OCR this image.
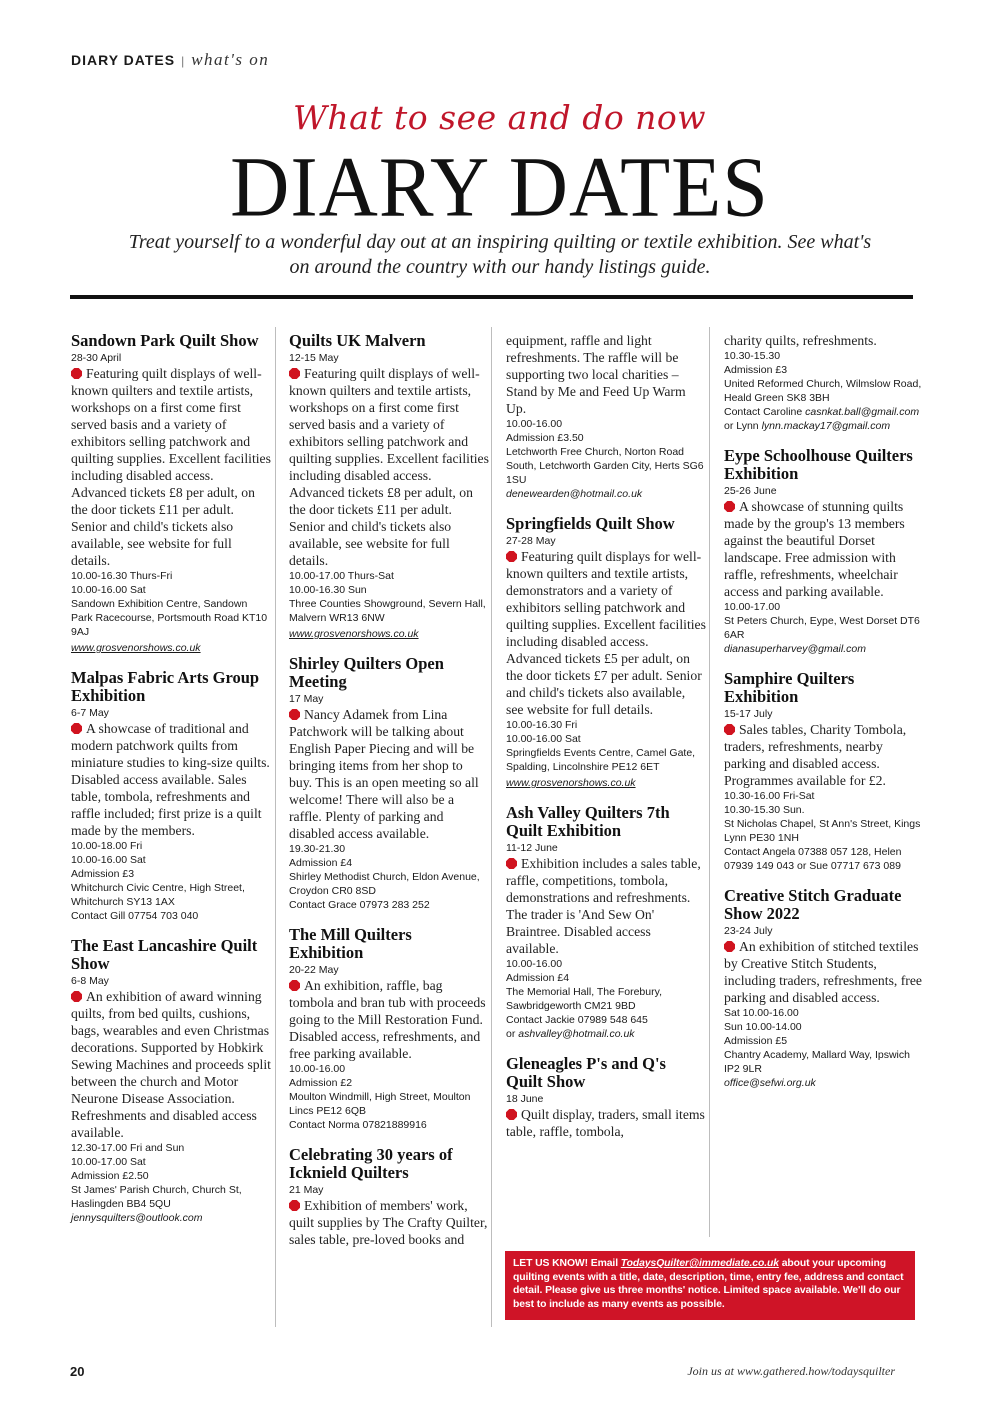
DIARY DATES | what's on
What to see and do now
DIARY DATES
Treat yourself to a wonderful day out at an inspiring quilting or textile exhibition. See what's on around the country with our handy listings guide.
Sandown Park Quilt Show
28-30 April
Featuring quilt displays of well-known quilters and textile artists, workshops on a first come first served basis and a variety of exhibitors selling patchwork and quilting supplies. Excellent facilities including disabled access. Advanced tickets £8 per adult, on the door tickets £11 per adult. Senior and child's tickets also available, see website for full details.
10.00-16.30 Thurs-Fri
10.00-16.00 Sat
Sandown Exhibition Centre, Sandown Park Racecourse, Portsmouth Road KT10 9AJ
www.grosvenorshows.co.uk
Malpas Fabric Arts Group Exhibition
6-7 May
A showcase of traditional and modern patchwork quilts from miniature studies to king-size quilts. Disabled access available. Sales table, tombola, refreshments and raffle included; first prize is a quilt made by the members.
10.00-18.00 Fri
10.00-16.00 Sat
Admission £3
Whitchurch Civic Centre, High Street, Whitchurch SY13 1AX
Contact Gill 07754 703 040
The East Lancashire Quilt Show
6-8 May
An exhibition of award winning quilts, from bed quilts, cushions, bags, wearables and even Christmas decorations. Supported by Hobkirk Sewing Machines and proceeds split between the church and Motor Neurone Disease Association. Refreshments and disabled access available.
12.30-17.00 Fri and Sun
10.00-17.00 Sat
Admission £2.50
St James' Parish Church, Church St, Haslingden BB4 5QU
jennysquilters@outlook.com
Quilts UK Malvern
12-15 May
Featuring quilt displays of well-known quilters and textile artists, workshops on a first come first served basis and a variety of exhibitors selling patchwork and quilting supplies. Excellent facilities including disabled access. Advanced tickets £8 per adult, on the door tickets £11 per adult. Senior and child's tickets also available, see website for full details.
10.00-17.00 Thurs-Sat
10.00-16.30 Sun
Three Counties Showground, Severn Hall, Malvern WR13 6NW
www.grosvenorshows.co.uk
Shirley Quilters Open Meeting
17 May
Nancy Adamek from Lina Patchwork will be talking about English Paper Piecing and will be bringing items from her shop to buy. This is an open meeting so all welcome! There will also be a raffle. Plenty of parking and disabled access available.
19.30-21.30
Admission £4
Shirley Methodist Church, Eldon Avenue, Croydon CR0 8SD
Contact Grace 07973 283 252
The Mill Quilters Exhibition
20-22 May
An exhibition, raffle, bag tombola and bran tub with proceeds going to the Mill Restoration Fund. Disabled access, refreshments, and free parking available.
10.00-16.00
Admission £2
Moulton Windmill, High Street, Moulton Lincs PE12 6QB
Contact Norma 07821889916
Celebrating 30 years of Icknield Quilters
21 May
Exhibition of members' work, quilt supplies by The Crafty Quilter, sales table, pre-loved books and
equipment, raffle and light refreshments. The raffle will be supporting two local charities – Stand by Me and Feed Up Warm Up.
10.00-16.00
Admission £3.50
Letchworth Free Church, Norton Road South, Letchworth Garden City, Herts SG6 1SU
denewearden@hotmail.co.uk
Springfields Quilt Show
27-28 May
Featuring quilt displays for well-known quilters and textile artists, demonstrators and a variety of exhibitors selling patchwork and quilting supplies. Excellent facilities including disabled access. Advanced tickets £5 per adult, on the door tickets £7 per adult. Senior and child's tickets also available, see website for full details.
10.00-16.30 Fri
10.00-16.00 Sat
Springfields Events Centre, Camel Gate, Spalding, Lincolnshire PE12 6ET
www.grosvenorshows.co.uk
Ash Valley Quilters 7th Quilt Exhibition
11-12 June
Exhibition includes a sales table, raffle, competitions, tombola, demonstrations and refreshments. The trader is 'And Sew On' Braintree. Disabled access available.
10.00-16.00
Admission £4
The Memorial Hall, The Forebury, Sawbridgeworth CM21 9BD
Contact Jackie 07989 548 645
or ashvalley@hotmail.co.uk
Gleneagles P's and Q's Quilt Show
18 June
Quilt display, traders, small items table, raffle, tombola,
charity quilts, refreshments.
10.30-15.30
Admission £3
United Reformed Church, Wilmslow Road, Heald Green SK8 3BH
Contact Caroline casnkat.ball@gmail.com or Lynn lynn.mackay17@gmail.com
Eype Schoolhouse Quilters Exhibition
25-26 June
A showcase of stunning quilts made by the group's 13 members against the beautiful Dorset landscape. Free admission with raffle, refreshments, wheelchair access and parking available.
10.00-17.00
St Peters Church, Eype, West Dorset DT6 6AR
dianasuperharvey@gmail.com
Samphire Quilters Exhibition
15-17 July
Sales tables, Charity Tombola, traders, refreshments, nearby parking and disabled access. Programmes available for £2.
10.30-16.00 Fri-Sat
10.30-15.30 Sun.
St Nicholas Chapel, St Ann's Street, Kings Lynn PE30 1NH
Contact Angela 07388 057 128, Helen 07939 149 043 or Sue 07717 673 089
Creative Stitch Graduate Show 2022
23-24 July
An exhibition of stitched textiles by Creative Stitch Students, including traders, refreshments, free parking and disabled access.
Sat 10.00-16.00
Sun 10.00-14.00
Admission £5
Chantry Academy, Mallard Way, Ipswich IP2 9LR
office@sefwi.org.uk
LET US KNOW! Email TodaysQuilter@immediate.co.uk about your upcoming quilting events with a title, date, description, time, entry fee, address and contact detail. Please give us three months' notice. Limited space available. We'll do our best to include as many events as possible.
20	Join us at www.gathered.how/todaysquilter
